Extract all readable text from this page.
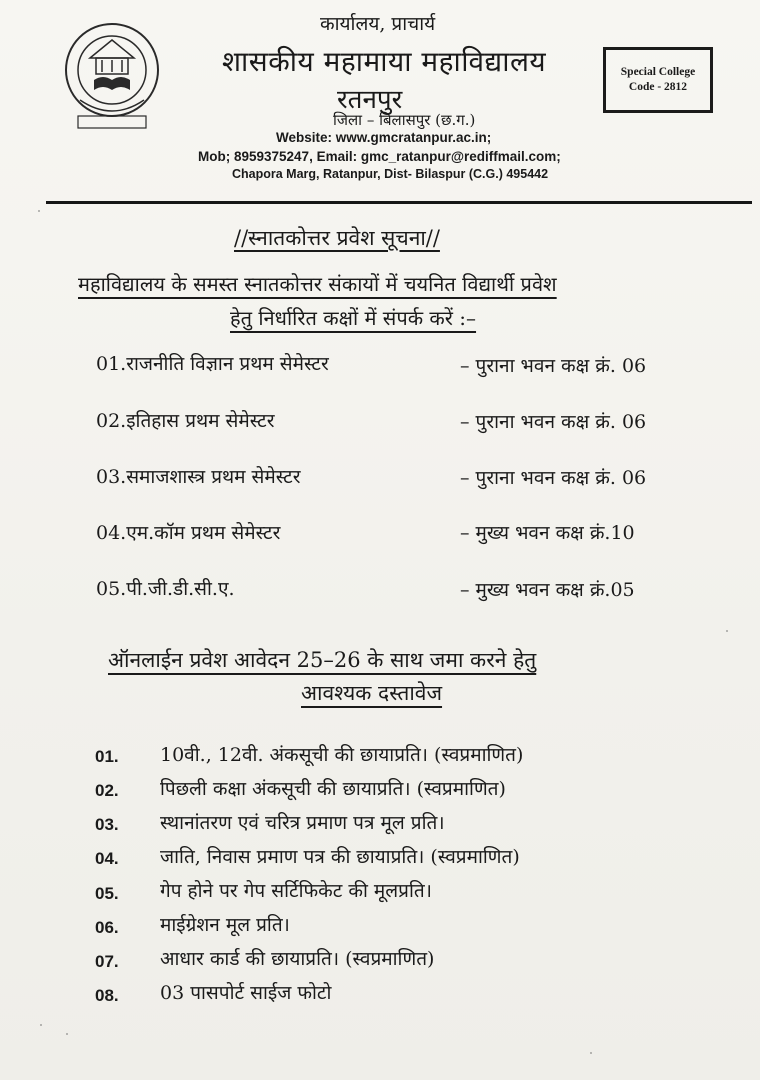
कार्यालय, प्राचार्य
शासकीय महामाया महाविद्यालय
रतनपुर
जिला – बिलासपुर (छ.ग.)
Website: www.gmcratanpur.ac.in;
Mob; 8959375247, Email: gmc_ratanpur@rediffmail.com;
Chapora Marg, Ratanpur, Dist- Bilaspur (C.G.) 495442
Special College
Code - 2812
//स्नातकोत्तर प्रवेश सूचना//
महाविद्यालय के समस्त स्नातकोत्तर संकायों में चयनित विद्यार्थी प्रवेश
हेतु निर्धारित कक्षों में संपर्क करें :–
01.राजनीति विज्ञान प्रथम सेमेस्टर	– पुराना भवन कक्ष क्रं. 06
02.इतिहास प्रथम सेमेस्टर	– पुराना भवन कक्ष क्रं. 06
03.समाजशास्त्र प्रथम सेमेस्टर	– पुराना भवन कक्ष क्रं. 06
04.एम.कॉम प्रथम सेमेस्टर	– मुख्य भवन कक्ष क्रं.10
05.पी.जी.डी.सी.ए.	– मुख्य भवन कक्ष क्रं.05
ऑनलाईन प्रवेश आवेदन 25–26 के साथ जमा करने हेतु
आवश्यक दस्तावेज
01. 10वी., 12वी. अंकसूची की छायाप्रति। (स्वप्रमाणित)
02. पिछली कक्षा अंकसूची की छायाप्रति। (स्वप्रमाणित)
03. स्थानांतरण एवं चरित्र प्रमाण पत्र मूल प्रति।
04. जाति, निवास प्रमाण पत्र की छायाप्रति। (स्वप्रमाणित)
05. गेप होने पर गेप सर्टिफिकेट की मूलप्रति।
06. माईग्रेशन मूल प्रति।
07. आधार कार्ड की छायाप्रति। (स्वप्रमाणित)
08. 03 पासपोर्ट साईज फोटो
